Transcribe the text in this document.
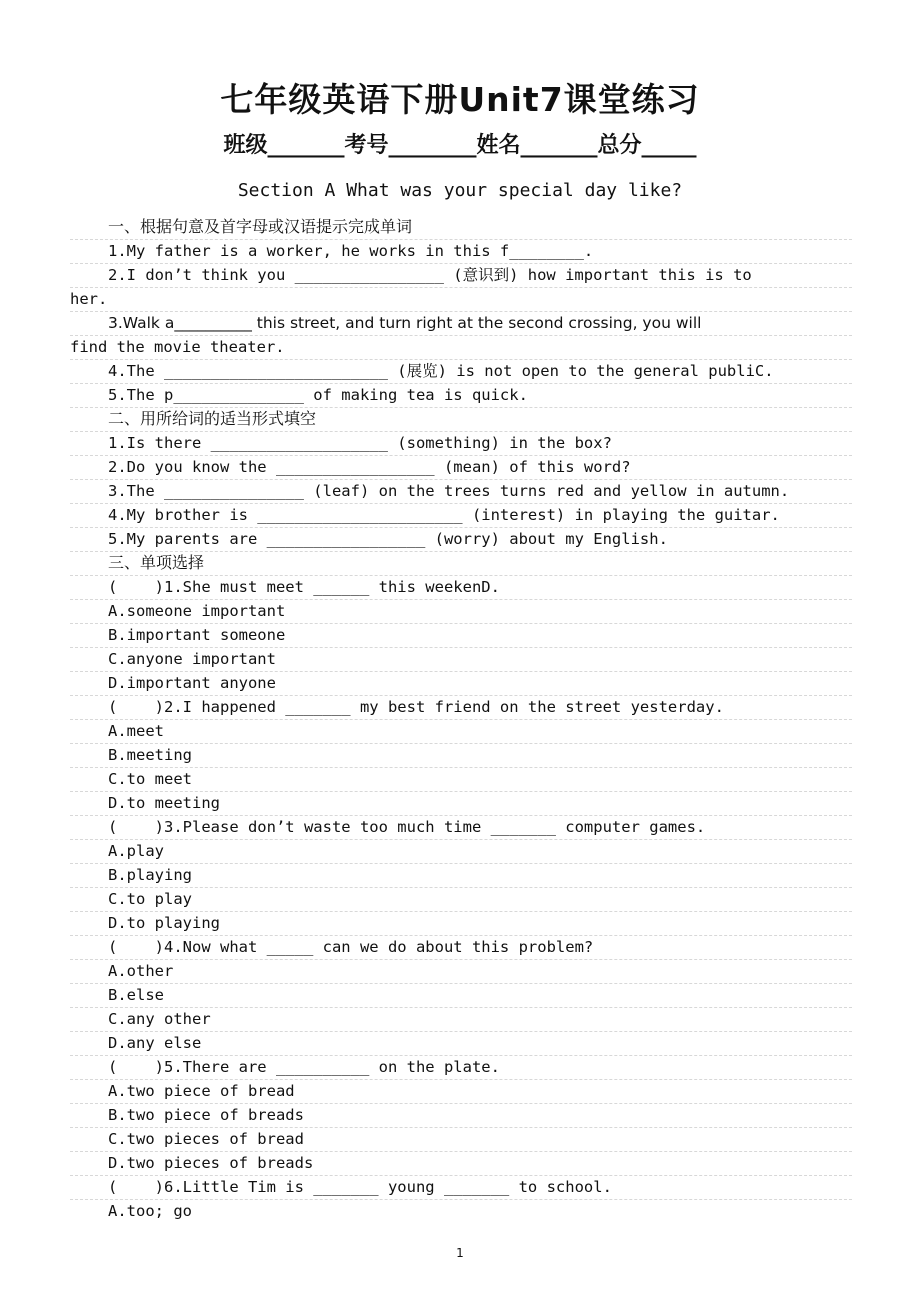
七年级英语下册Unit7课堂练习
班级_______考号________姓名_______总分_____
Section A What was your special day like?
一、根据句意及首字母或汉语提示完成单词
1.My father is a worker, he works in this f________.
2.I don’t think you ________________ (意识到) how important this is to
her.
3.Walk a__________ this street, and turn right at the second crossing, you will
find the movie theater.
4.The ________________________ (展览) is not open to the general publiC.
5.The p______________ of making tea is quick.
二、用所给词的适当形式填空
1.Is there ___________________ (something) in the box?
2.Do you know the _________________ (mean) of this word?
3.The _______________ (leaf) on the trees turns red and yellow in autumn.
4.My brother is ______________________ (interest) in playing the guitar.
5.My parents are _________________ (worry) about my English.
三、单项选择
(    )1.She must meet ______ this weekenD.
A.someone important
B.important someone
C.anyone important
D.important anyone
(    )2.I happened _______ my best friend on the street yesterday.
A.meet
B.meeting
C.to meet
D.to meeting
(    )3.Please don’t waste too much time _______ computer games.
A.play
B.playing
C.to play
D.to playing
(    )4.Now what _____ can we do about this problem?
A.other
B.else
C.any other
D.any else
(    )5.There are __________ on the plate.
A.two piece of bread
B.two piece of breads
C.two pieces of bread
D.two pieces of breads
(    )6.Little Tim is _______ young _______ to school.
A.too; go
1
